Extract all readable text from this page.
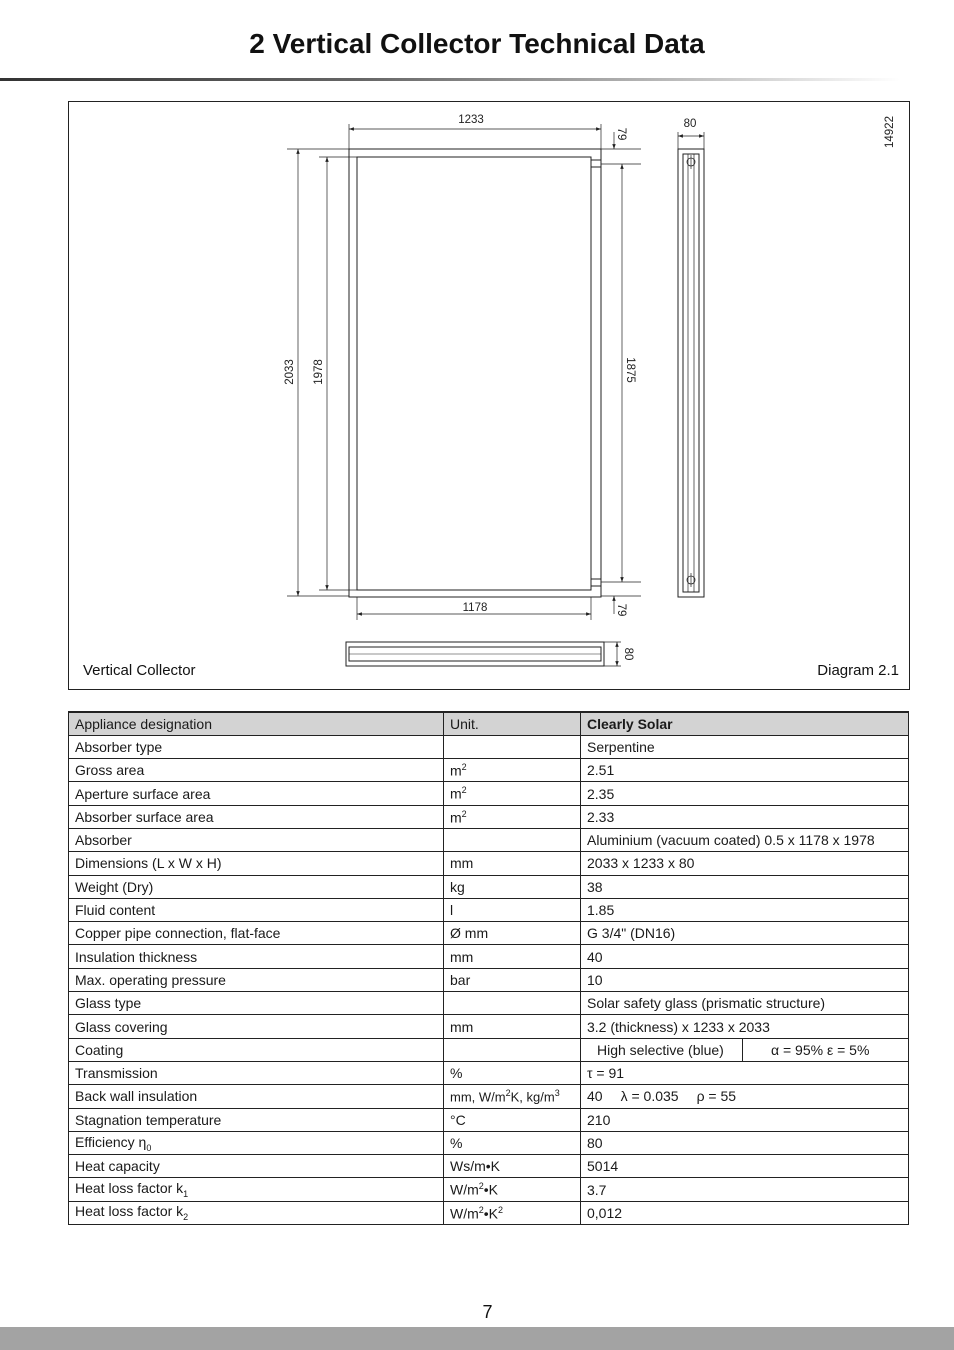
2 Vertical Collector Technical Data
1233
1178
2033 1978	1875
79
79
80
80
14922
Vertical Collector	Diagram 2.1
Appliance designation	Unit.	Clearly Solar
Absorber type		Serpentine
Gross area	$m^2$	2.51
Aperture surface area	$m^2$	2.35
Absorber surface area	$m^2$	2.33
Absorber		Aluminium (vacuum coated) 0.5 x 1178 x 1978
Dimensions (L x W x H)	mm	2033 x 1233 x 80
Weight (Dry)	kg	38
Fluid content	l	1.85
Copper pipe connection, flat-face	Ø mm	G 3/4" (DN16)
Insulation thickness	mm	40
Max. operating pressure	bar	10
Glass type		Solar safety glass (prismatic structure)
Glass covering	mm	3.2 (thickness) x 1233 x 2033
Coating		High selective (blue) α = 95% ε = 5%

Transmission	%	τ = 91
Back wall insulation	mm, $W/m^2K$, $kg/m^3$	40 λ = 0.035 ρ = 55
Stagnation temperature	°C	210
Efficiency $\eta_0$	%	80
Heat capacity	Ws/m•K	5014
Heat loss factor $k_1$	$W/m^2•K$	3.7
Heat loss factor $k_2$	$W/m^2•K^2$	0,012
7
